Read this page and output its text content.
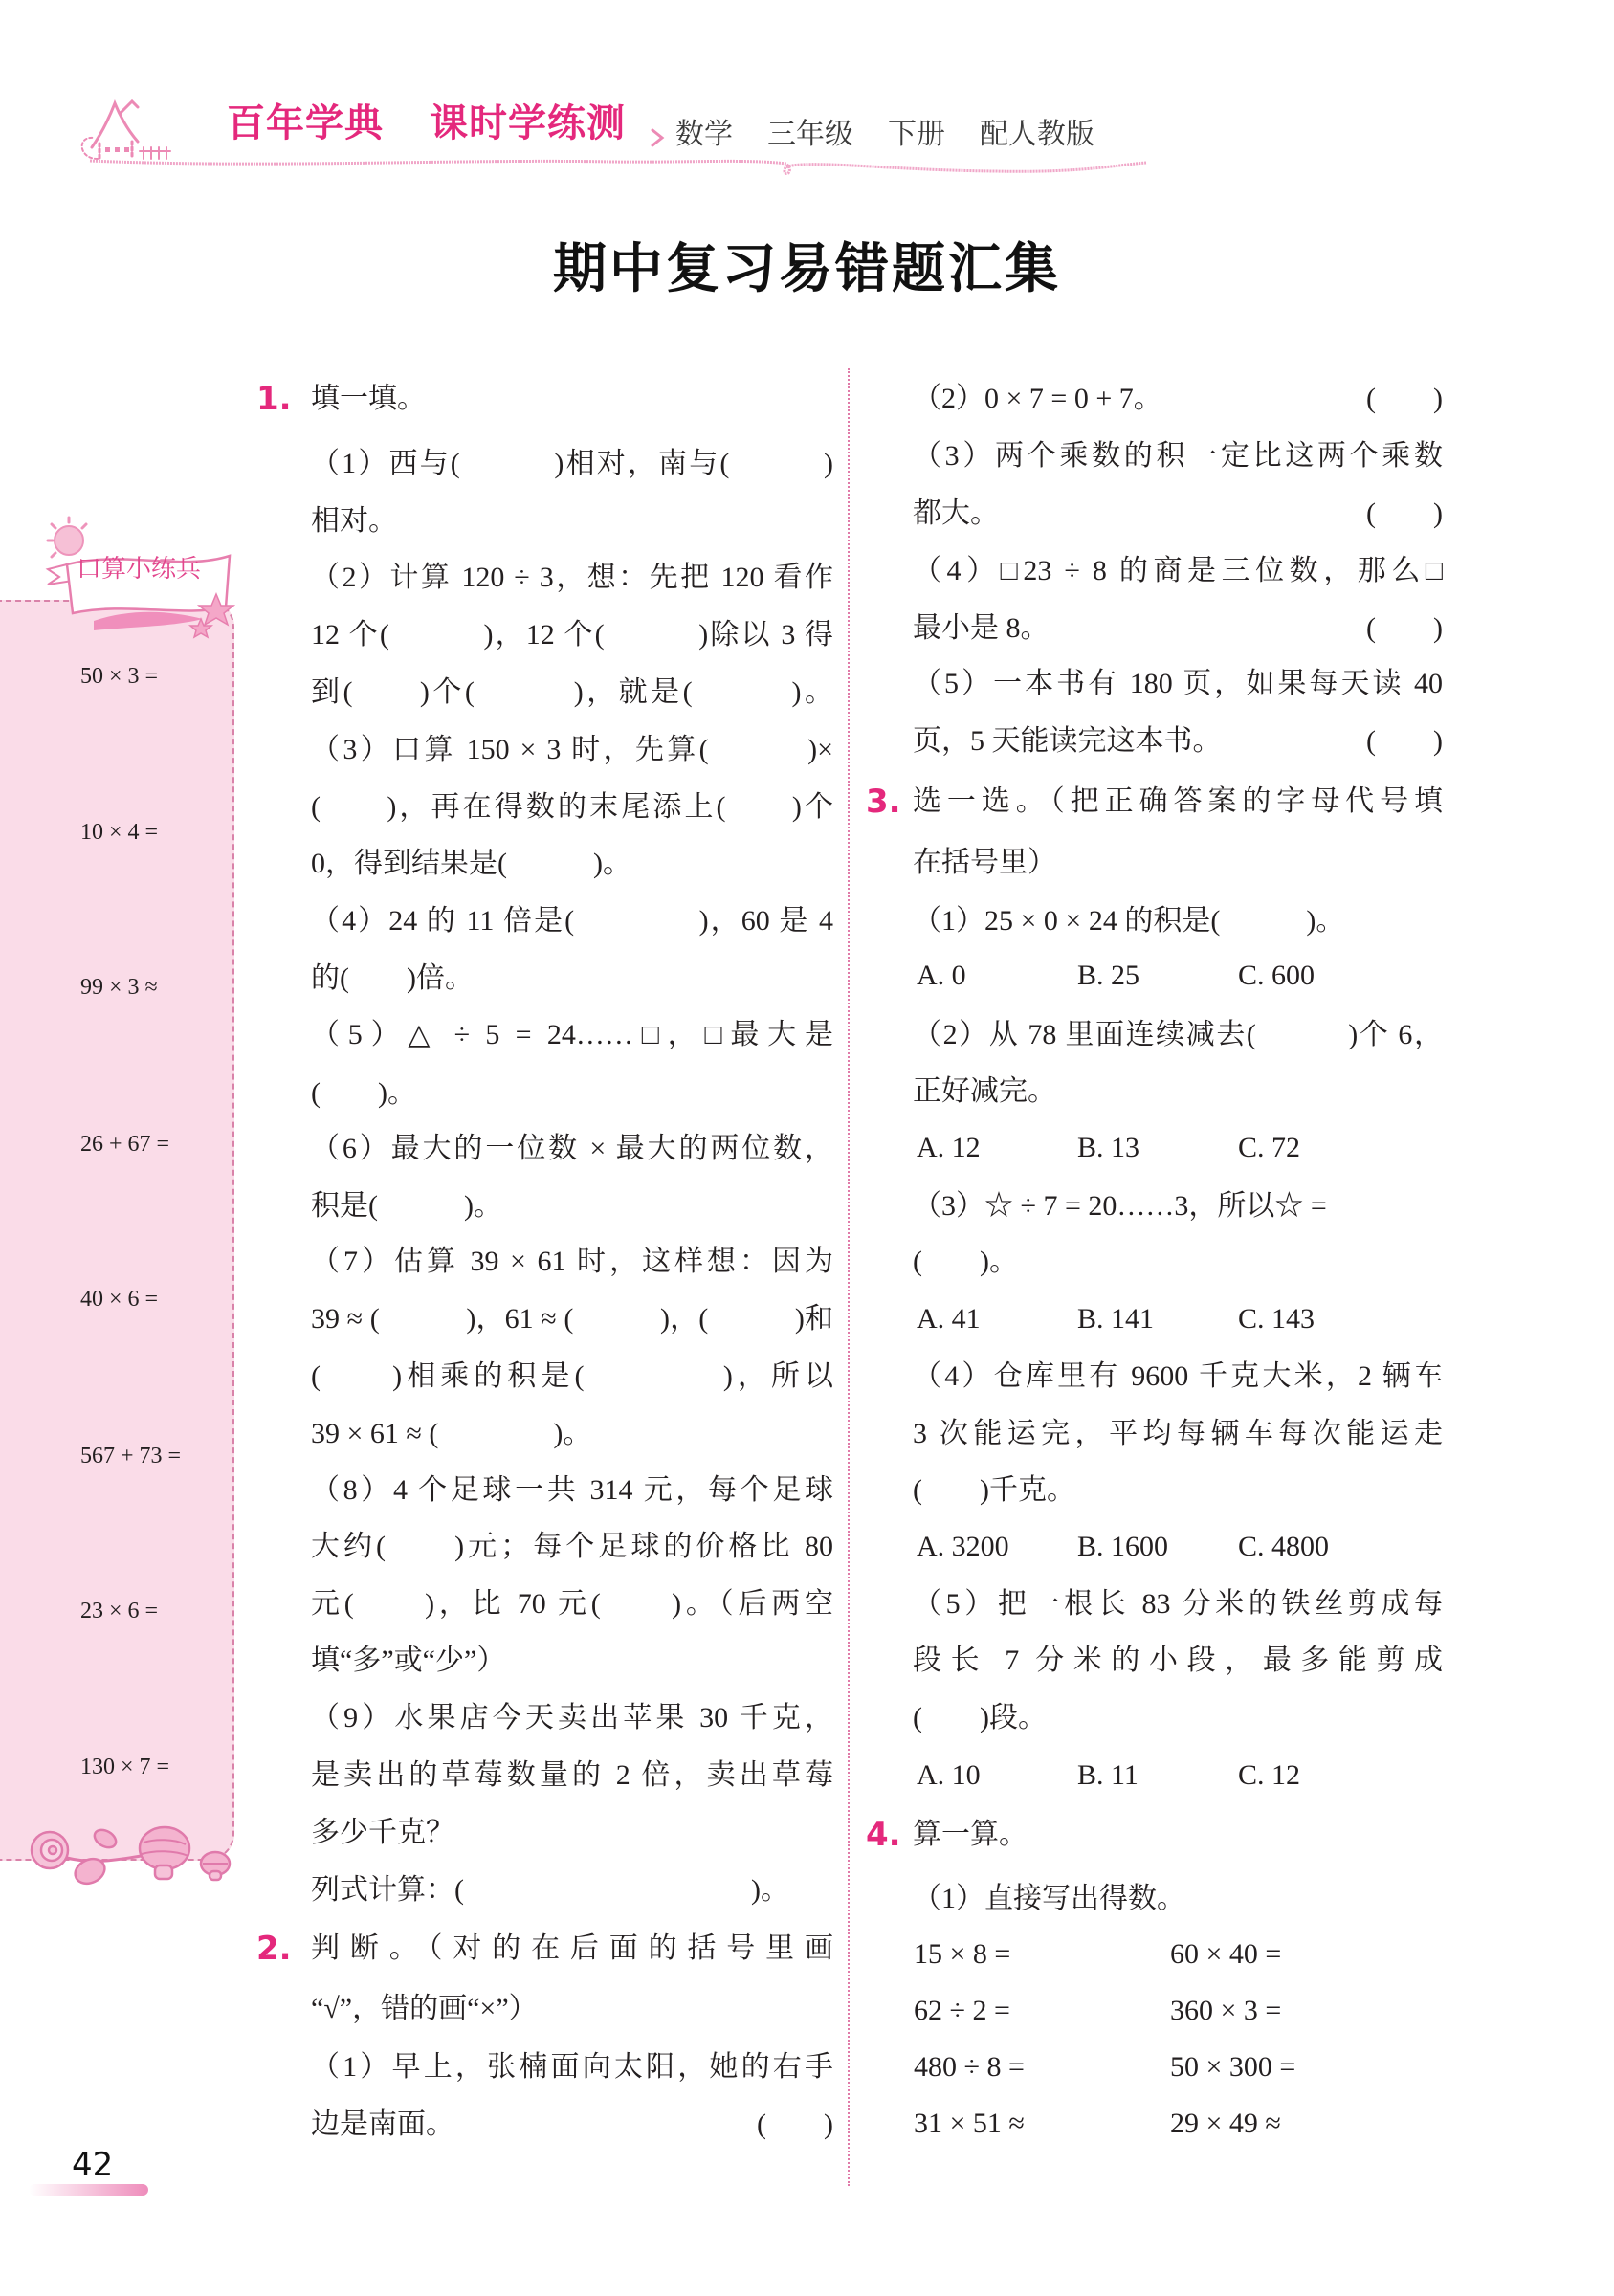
百年学典 课时学练测 数学 三年级 下册 配人教版
期中复习易错题汇集
口算小练兵
50 × 3 =
10 × 4 =
99 × 3 ≈
26 + 67 =
40 × 6 =
567 + 73 =
23 × 6 =
130 × 7 =
1. 填一填。
（1）西与(　　　)相对，南与(　　　)
相对。
（2）计算 120 ÷ 3，想：先把 120 看作
12 个(　　　)，12 个(　　　)除以 3 得
到(　　)个(　　　)，就是(　　　)。
（3）口算 150 × 3 时，先算(　　　)×
(　　)，再在得数的末尾添上(　　)个
0，得到结果是(　　　)。
（4）24 的 11 倍是(　　　　)，60 是 4
的(　　)倍。
（5）△ ÷ 5 = 24……□，□最大是
(　　)。
（6）最大的一位数 × 最大的两位数，
积是(　　　)。
（7）估算 39 × 61 时，这样想：因为
39 ≈ (　　　)，61 ≈ (　　　)，(　　　)和
(　　)相乘的积是(　　　　)，所以
39 × 61 ≈ (　　　　)。
（8）4 个足球一共 314 元，每个足球
大约(　　)元；每个足球的价格比 80
元(　　)，比 70 元(　　)。（后两空
填“多”或“少”）
（9）水果店今天卖出苹果 30 千克，
是卖出的草莓数量的 2 倍，卖出草莓
多少千克？
列式计算：(　　　　　　　　　　)。
2. 判断。（对的在后面的括号里画
“√”，错的画“×”）
（1）早上，张楠面向太阳，她的右手
边是南面。	(　　)
（2）0 × 7 = 0 + 7。	(　　)
（3）两个乘数的积一定比这两个乘数
都大。	(　　)
（4）□23 ÷ 8 的商是三位数，那么□
最小是 8。	(　　)
（5）一本书有 180 页，如果每天读 40
页，5 天能读完这本书。	(　　)
3. 选一选。（把正确答案的字母代号填
在括号里）
（1）25 × 0 × 24 的积是(　　　)。
A. 0	B. 25	C. 600
（2）从 78 里面连续减去(　　　)个 6，
正好减完。
A. 12	B. 13	C. 72
（3）☆ ÷ 7 = 20……3，所以☆ =
(　　)。
A. 41	B. 141	C. 143
（4）仓库里有 9600 千克大米，2 辆车
3 次能运完，平均每辆车每次能运走
(　　)千克。
A. 3200 B. 1600 C. 4800
（5）把一根长 83 分米的铁丝剪成每
段长 7 分米的小段，最多能剪成
(　　)段。
A. 10	B. 11	C. 12
4. 算一算。
（1）直接写出得数。
15 × 8 =	60 × 40 =
62 ÷ 2 =	360 × 3 =
480 ÷ 8 =	50 × 300 =
31 × 51 ≈	29 × 49 ≈
42
